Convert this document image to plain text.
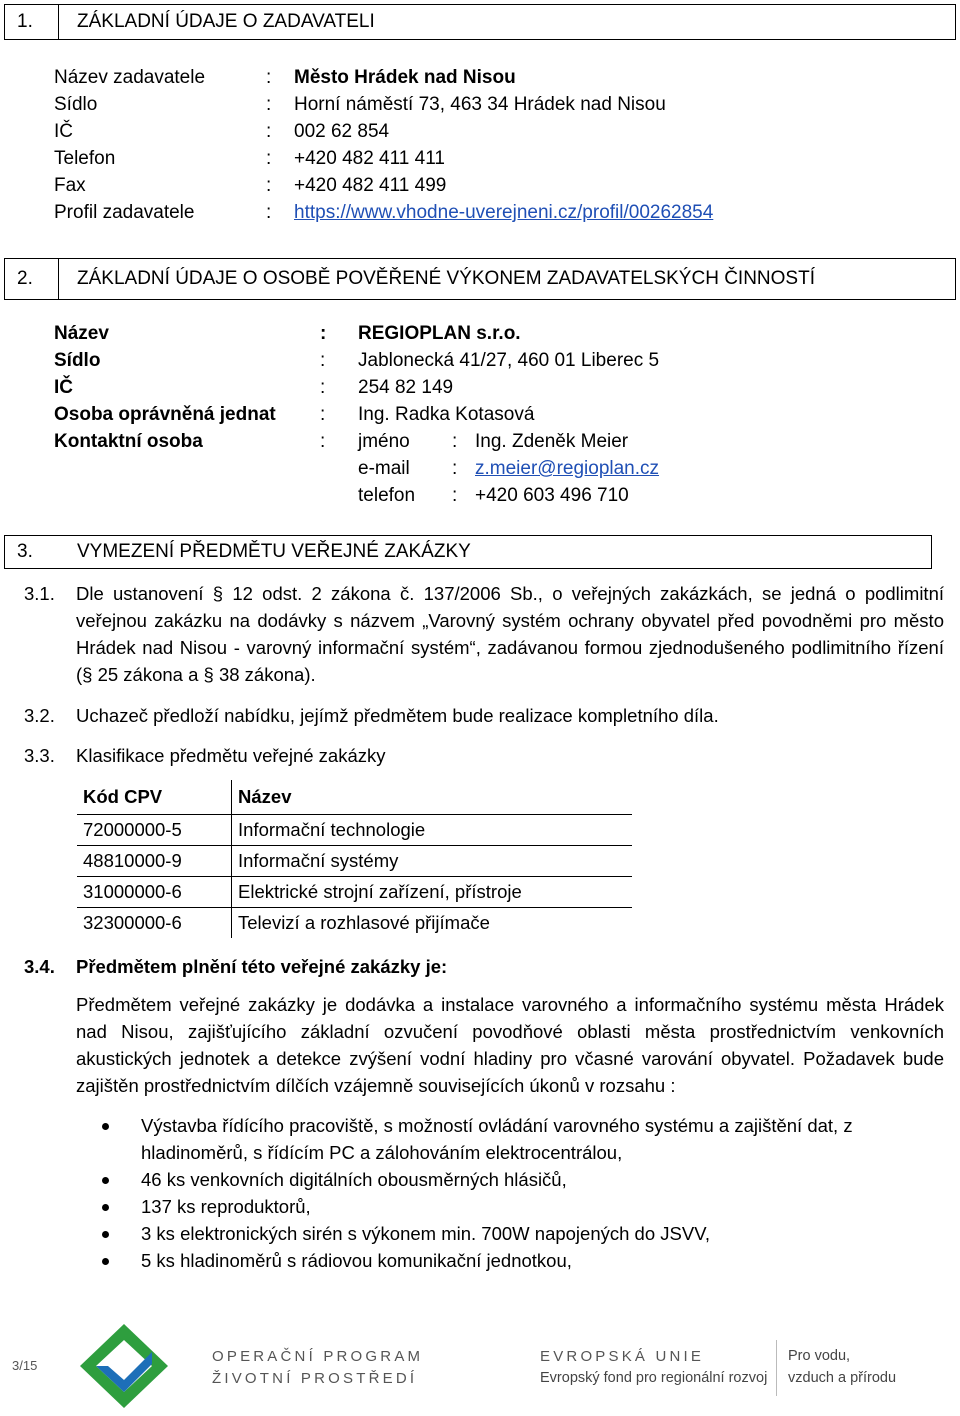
1.	ZÁKLADNÍ ÚDAJE O ZADAVATELI
Název zadavatele	: Město Hrádek nad Nisou
Sídlo	: Horní náměstí 73, 463 34 Hrádek nad Nisou
IČ	: 002 62 854
Telefon	: +420 482 411 411
Fax	: +420 482 411 499
Profil zadavatele	: https://www.vhodne-uverejneni.cz/profil/00262854
2.	ZÁKLADNÍ ÚDAJE O OSOBĚ POVĚŘENÉ VÝKONEM ZADAVATELSKÝCH ČINNOSTÍ
Název	: REGIOPLAN s.r.o.
Sídlo	: Jablonecká 41/27, 460 01 Liberec 5
IČ	: 254 82 149
Osoba oprávněná jednat : Ing. Radka Kotasová
Kontaktní osoba	: jméno : Ing. Zdeněk Meier
e-mail : z.meier@regioplan.cz
telefon : +420 603 496 710
3.	VYMEZENÍ PŘEDMĚTU VEŘEJNÉ ZAKÁZKY
3.1. Dle ustanovení § 12 odst. 2 zákona č. 137/2006 Sb., o veřejných zakázkách, se jedná o podlimitní veřejnou zakázku na dodávky s názvem „Varovný systém ochrany obyvatel před povodněmi pro město Hrádek nad Nisou - varovný informační systém“, zadávanou formou zjednodušeného podlimitního řízení (§ 25 zákona a § 38 zákona).
3.2. Uchazeč předloží nabídku, jejímž předmětem bude realizace kompletního díla.
3.3. Klasifikace předmětu veřejné zakázky
Kód CPV	Název
72000000-5	Informační technologie
48810000-9	Informační systémy
31000000-6	Elektrické strojní zařízení, přístroje
32300000-6	Televizí a rozhlasové přijímače
3.4. Předmětem plnění této veřejné zakázky je:
Předmětem veřejné zakázky je dodávka a instalace varovného a informačního systému města Hrádek nad Nisou, zajišťujícího základní ozvučení povodňové oblasti města prostřednictvím venkovních akustických jednotek a detekce zvýšení vodní hladiny pro včasné varování obyvatel. Požadavek bude zajištěn prostřednictvím dílčích vzájemně souvisejících úkonů v rozsahu :
Výstavba řídícího pracoviště, s možností ovládání varovného systému a zajištění dat, z hladinoměrů, s řídícím PC a zálohováním elektrocentrálou,
46 ks venkovních digitálních obousměrných hlásičů,
137 ks reproduktorů,
3 ks elektronických sirén s výkonem min. 700W napojených do JSVV,
5 ks hladinoměrů s rádiovou komunikační jednotkou,
3/15
OPERAČNÍ PROGRAM
ŽIVOTNÍ PROSTŘEDÍ
EVROPSKÁ UNIE
Evropský fond pro regionální rozvoj
Pro vodu,
vzduch a přírodu
